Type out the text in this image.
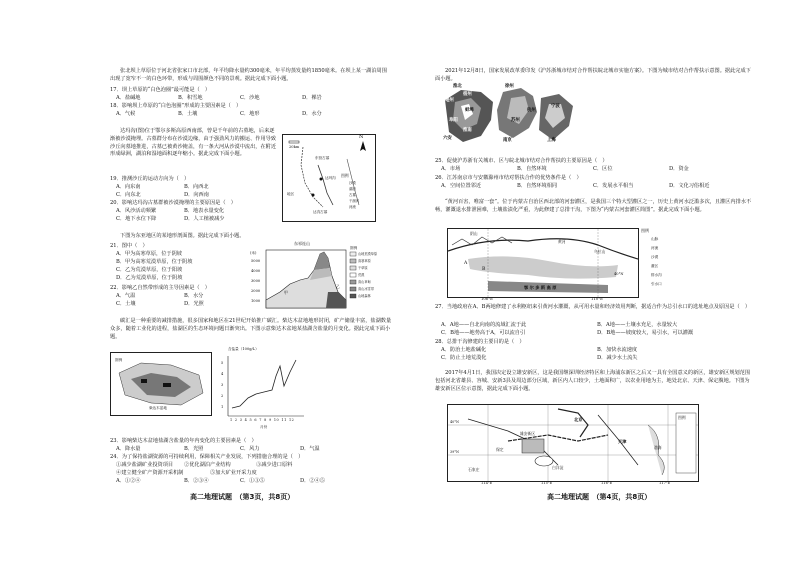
张北坝上草原位于河北省张家口市北部，年平均降水量约300毫米，年平均蒸发量约1850毫米。在坝上某一湖泊周围出现了宽窄不一的白色环带，形成与周围颜色不同的景观。据此完成下面小题。
17．坝上草原的“白色泡圈”最可能是（　）
A．盐碱地	B．积雪地	C．沙地	D．裸岩
18．影响坝上草原的“白色泡圈”形成的主要因素是（　）
A．气候	B．土壤	C．地形	D．水分
达玛沟(图)位于鄂尔多斯高原西南部，曾是千年前的古墓地，后来逐渐被沙漠掩埋。古墓群分布在沙漠边缘，由于强劲风力的搬运、作用导致沙丘向墓地推进，古墓已被黄沙掩盖，有一条大河从沙漠中流出，在附近形成绿洲，湖泊和湿地面积逐年缩小。据此完成下面小题。
N
20km
达玛沟
东营古墓
达沟古墓
地区
图例
沙漠
湖泊
古墓
干涸河
河流
19．推测沙丘的运动方向为（　）
A．向东南	B．向西北
C．向东北	D．向西南
20．影响达玛沟古墓群被沙漠掩埋的主要原因是（　）
A．风沙活动频繁	B．地表水量变化
C．地下水位下降	D．人工植被减少
下图为东亚地区的某地形剖面图。据此完成下面小题。
21．图中（　）
A．甲为高寒草原，位于阴坡
B．甲为高寒荒漠草原，位于阴坡
C．乙为荒漠草原，位于阳坡
D．乙为荒漠草原，位于阴坡
22．影响乙自然带形成的主导因素是（　）
A．气温	B．水分
C．土壤	D．光照
东祁连山
(米)
5000
4000
3000
2000
1000
甲
乙
图例
山地荒漠草原
高寒草原
干草原
荒漠
高山草甸
高山冰雪带
山地森林
碳汇是一种重要的减排措施，很多国家和地区在21世纪开始推广碳汇。柴达木盆地地形封闭，矿产储量丰富，盐湖数量众多，随着工业化的进程，盐湖区的生态环境问题日渐突出。下图示意柴达木盆地某盐湖含盐量的月变化。据此完成下面小题。
柴达木盆地
图例
含盐量（100g/L）
5
4
3
2
1
1  2  3  4  5  6  7  8  9  10  11  12
月份
23．影响柴达木盆地盐湖含盐量的年内变化的主要因素是（　）
A．降水量	B．光照	C．风力	D．气温
24．为了保持盐湖资源的可持续利用，保障相关产业发展，下列措施合理的是（　）
①减少盐湖矿业投资项目 ②优化湖泊产业结构	③减少进口原料
④建立健全矿产资源开采机制	⑤加大矿业开采力度
A．①②④	B．②③④	C．①③⑤	D．②④⑤
高二地理试题　（第3页，共8页）
2021年12月8日，国家发展改革委印发《沪苏浙城市结对合作帮扶皖北城市实施方案》。下图为城市结对合作帮扶示意图。据此完成下面小题。
淮北
宿州
亳州
蚌埠
阜阳
淮南
六安
徐州
苏州
杭州
宁波
南京	上海
25．促使沪苏浙有关城市、区与皖北城市结对合作帮扶的主要原因是（　）
A．市场	B．自然环境	C．区位	D．资金
26．江苏南京市与安徽滁州市结对帮扶合作的优势条件是（　）
A．空间位置邻近	B．自然环境相同	C．发展水平相当	D．文化习俗相近
“黄河百害，唯富一套”。位于内蒙古自治区西北部的河套灌区，是我国三个特大型灌区之一，历史上黄河水泛滥多次，且灌区内排水不畅，灌溉退水排泄困难，土壤盐渍化严重，为此修建了总排干沟，下图为“内蒙古河套灌区简图”。据此完成下面小题。
阴山
黄河
A
B
乌拉山
鄂 尔 多 斯 高 原
40°N
106°E	110°E
图例
山脉
河流
沙漠
灌区
排水沟
引水口
27．当地政府在A、B两地修建了水利枢纽来引黄河水灌溉，从可用水量和经济效用判断，据适合作为总引水口的选址地点及原因是（　）
A．A地——自北向南的流域汇流于此	B．A地——土壤水充足，水量较大
C．B地——地势高于A，可以流自引	D．B地——坡度较大，易引水，可以灌溉
28．总排干沟修建的主要目的是（　）
A．防治土地盐碱化	B．加快水流速度
C．防止土地荒漠化	D．减少水土流失
2017年4月1日，我国决定设立雄安新区，这是我国继深圳经济特区和上海浦东新区之后又一具有全国意义的新区，雄安新区规划范围包括河北省雄县、容城、安新3县及周边部分区域，新区内人口较少，土地面积广，以农业用地为主，地处北京、天津、保定腹地。下图为雄安新区区位示意图，据此完成下面小题。
北京
天津
雄安新区
保定
石家庄	白洋淀
渤海
图例
40°N
39°N
114°E	115°E	116°E	117°E
高二地理试题　（第4页，共8页）
